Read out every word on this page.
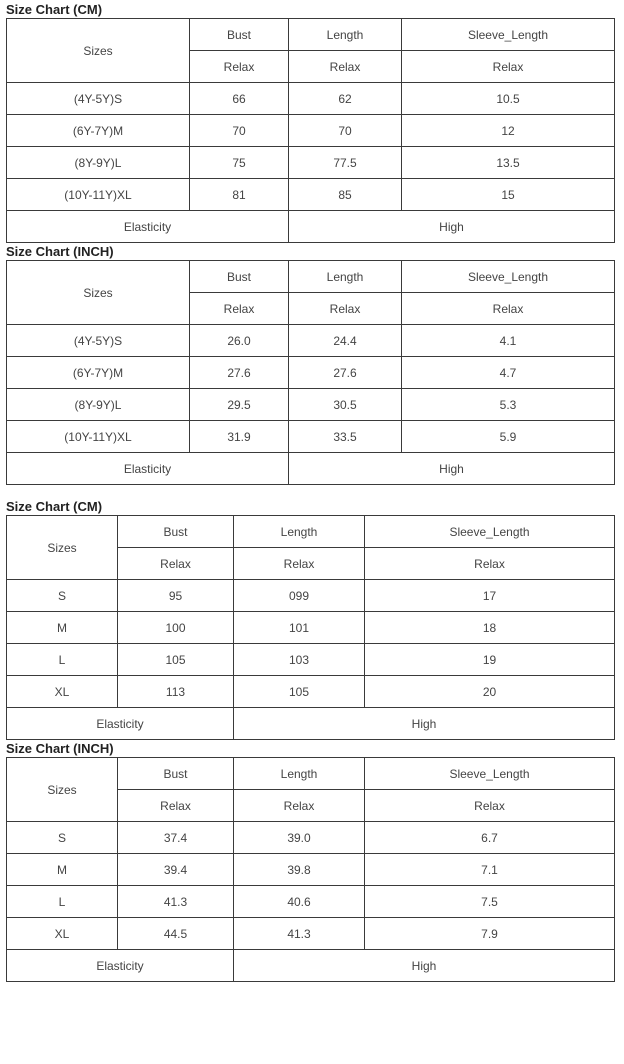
Size Chart (CM)
Sizes	Bust	Length	Sleeve_Length
	Relax	Relax	Relax
(4Y-5Y)S	66	62	10.5
(6Y-7Y)M	70	70	12
(8Y-9Y)L	75	77.5	13.5
(10Y-11Y)XL	81	85	15
Elasticity		High	
Size Chart (INCH)
Sizes	Bust	Length	Sleeve_Length
	Relax	Relax	Relax
(4Y-5Y)S	26.0	24.4	4.1
(6Y-7Y)M	27.6	27.6	4.7
(8Y-9Y)L	29.5	30.5	5.3
(10Y-11Y)XL	31.9	33.5	5.9
Elasticity		High	
Size Chart (CM)
Sizes	Bust	Length	Sleeve_Length
	Relax	Relax	Relax
S	95	099	17
M	100	101	18
L	105	103	19
XL	113	105	20
Elasticity		High	
Size Chart (INCH)
Sizes	Bust	Length	Sleeve_Length
	Relax	Relax	Relax
S	37.4	39.0	6.7
M	39.4	39.8	7.1
L	41.3	40.6	7.5
XL	44.5	41.3	7.9
Elasticity		High	
